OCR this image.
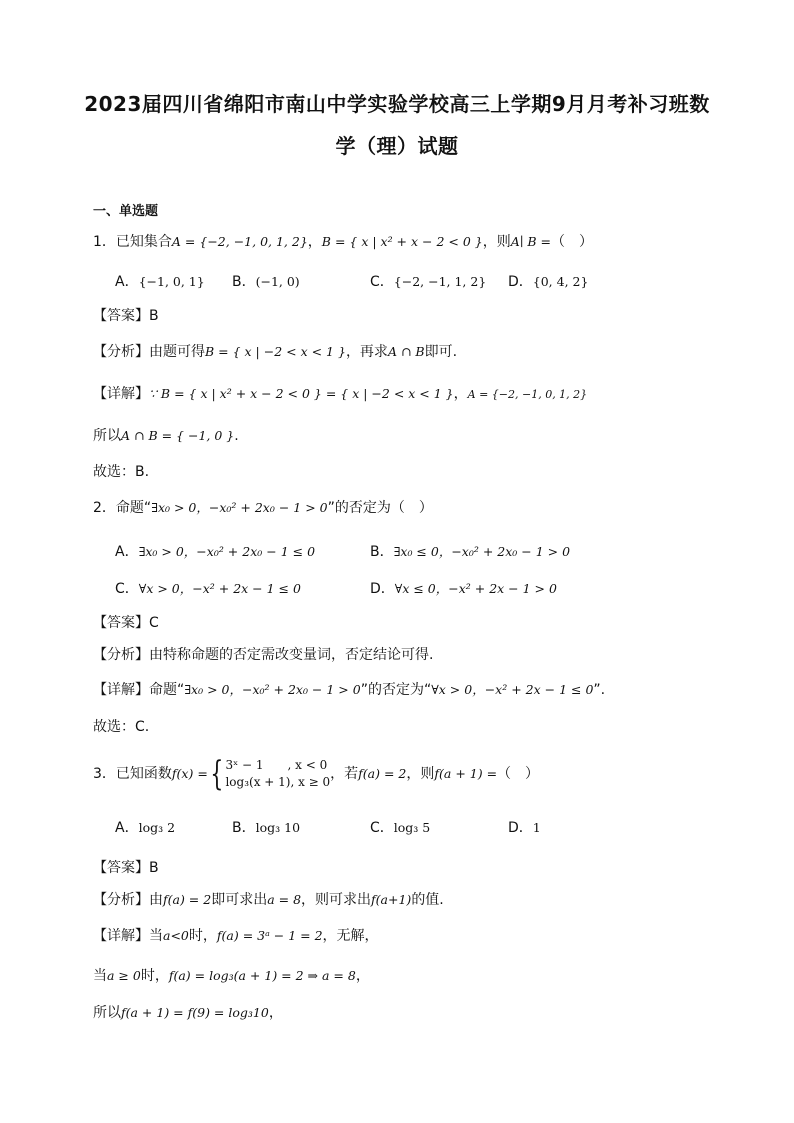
2023届四川省绵阳市南山中学实验学校高三上学期9月月考补习班数
学（理）试题
一、单选题
1．已知集合A = {−2, −1, 0, 1, 2}，B = { x | x² + x − 2 < 0 }，则A∣ B =（　）
A．{−1, 0, 1} B．(−1, 0)	C．{−2, −1, 1, 2} D．{0, 4, 2}
【答案】B
【分析】由题可得B = { x | −2 < x < 1 }，再求A ∩ B即可.
【详解】∵ B = { x | x² + x − 2 < 0 } = { x | −2 < x < 1 }，A = {−2, −1, 0, 1, 2}
所以A ∩ B = { −1, 0 }.
故选：B.
2．命题“∃x₀ > 0，−x₀² + 2x₀ − 1 > 0”的否定为（　）
A．∃x₀ > 0，−x₀² + 2x₀ − 1 ≤ 0	B．∃x₀ ≤ 0，−x₀² + 2x₀ − 1 > 0
C．∀x > 0，−x² + 2x − 1 ≤ 0	D．∀x ≤ 0，−x² + 2x − 1 > 0
【答案】C
【分析】由特称命题的否定需改变量词，否定结论可得.
【详解】命题“∃x₀ > 0，−x₀² + 2x₀ − 1 > 0”的否定为“∀x > 0，−x² + 2x − 1 ≤ 0”.
故选：C.
3．已知函数f(x) ={ 3ˣ − 1　　, x < 0
log₃(x + 1), x ≥ 0，若f(a) = 2，则f(a + 1) =（　）
A．log₃ 2	B．log₃ 10	C．log₃ 5	D．1
【答案】B
【分析】由f(a) = 2即可求出a = 8，则可求出f(a+1)的值.
【详解】当a<0时，f(a) = 3ᵃ − 1 = 2，无解，
当a ≥ 0时，f(a) = log₃(a + 1) = 2 ⇒ a = 8，
所以f(a + 1) = f(9) = log₃10，
